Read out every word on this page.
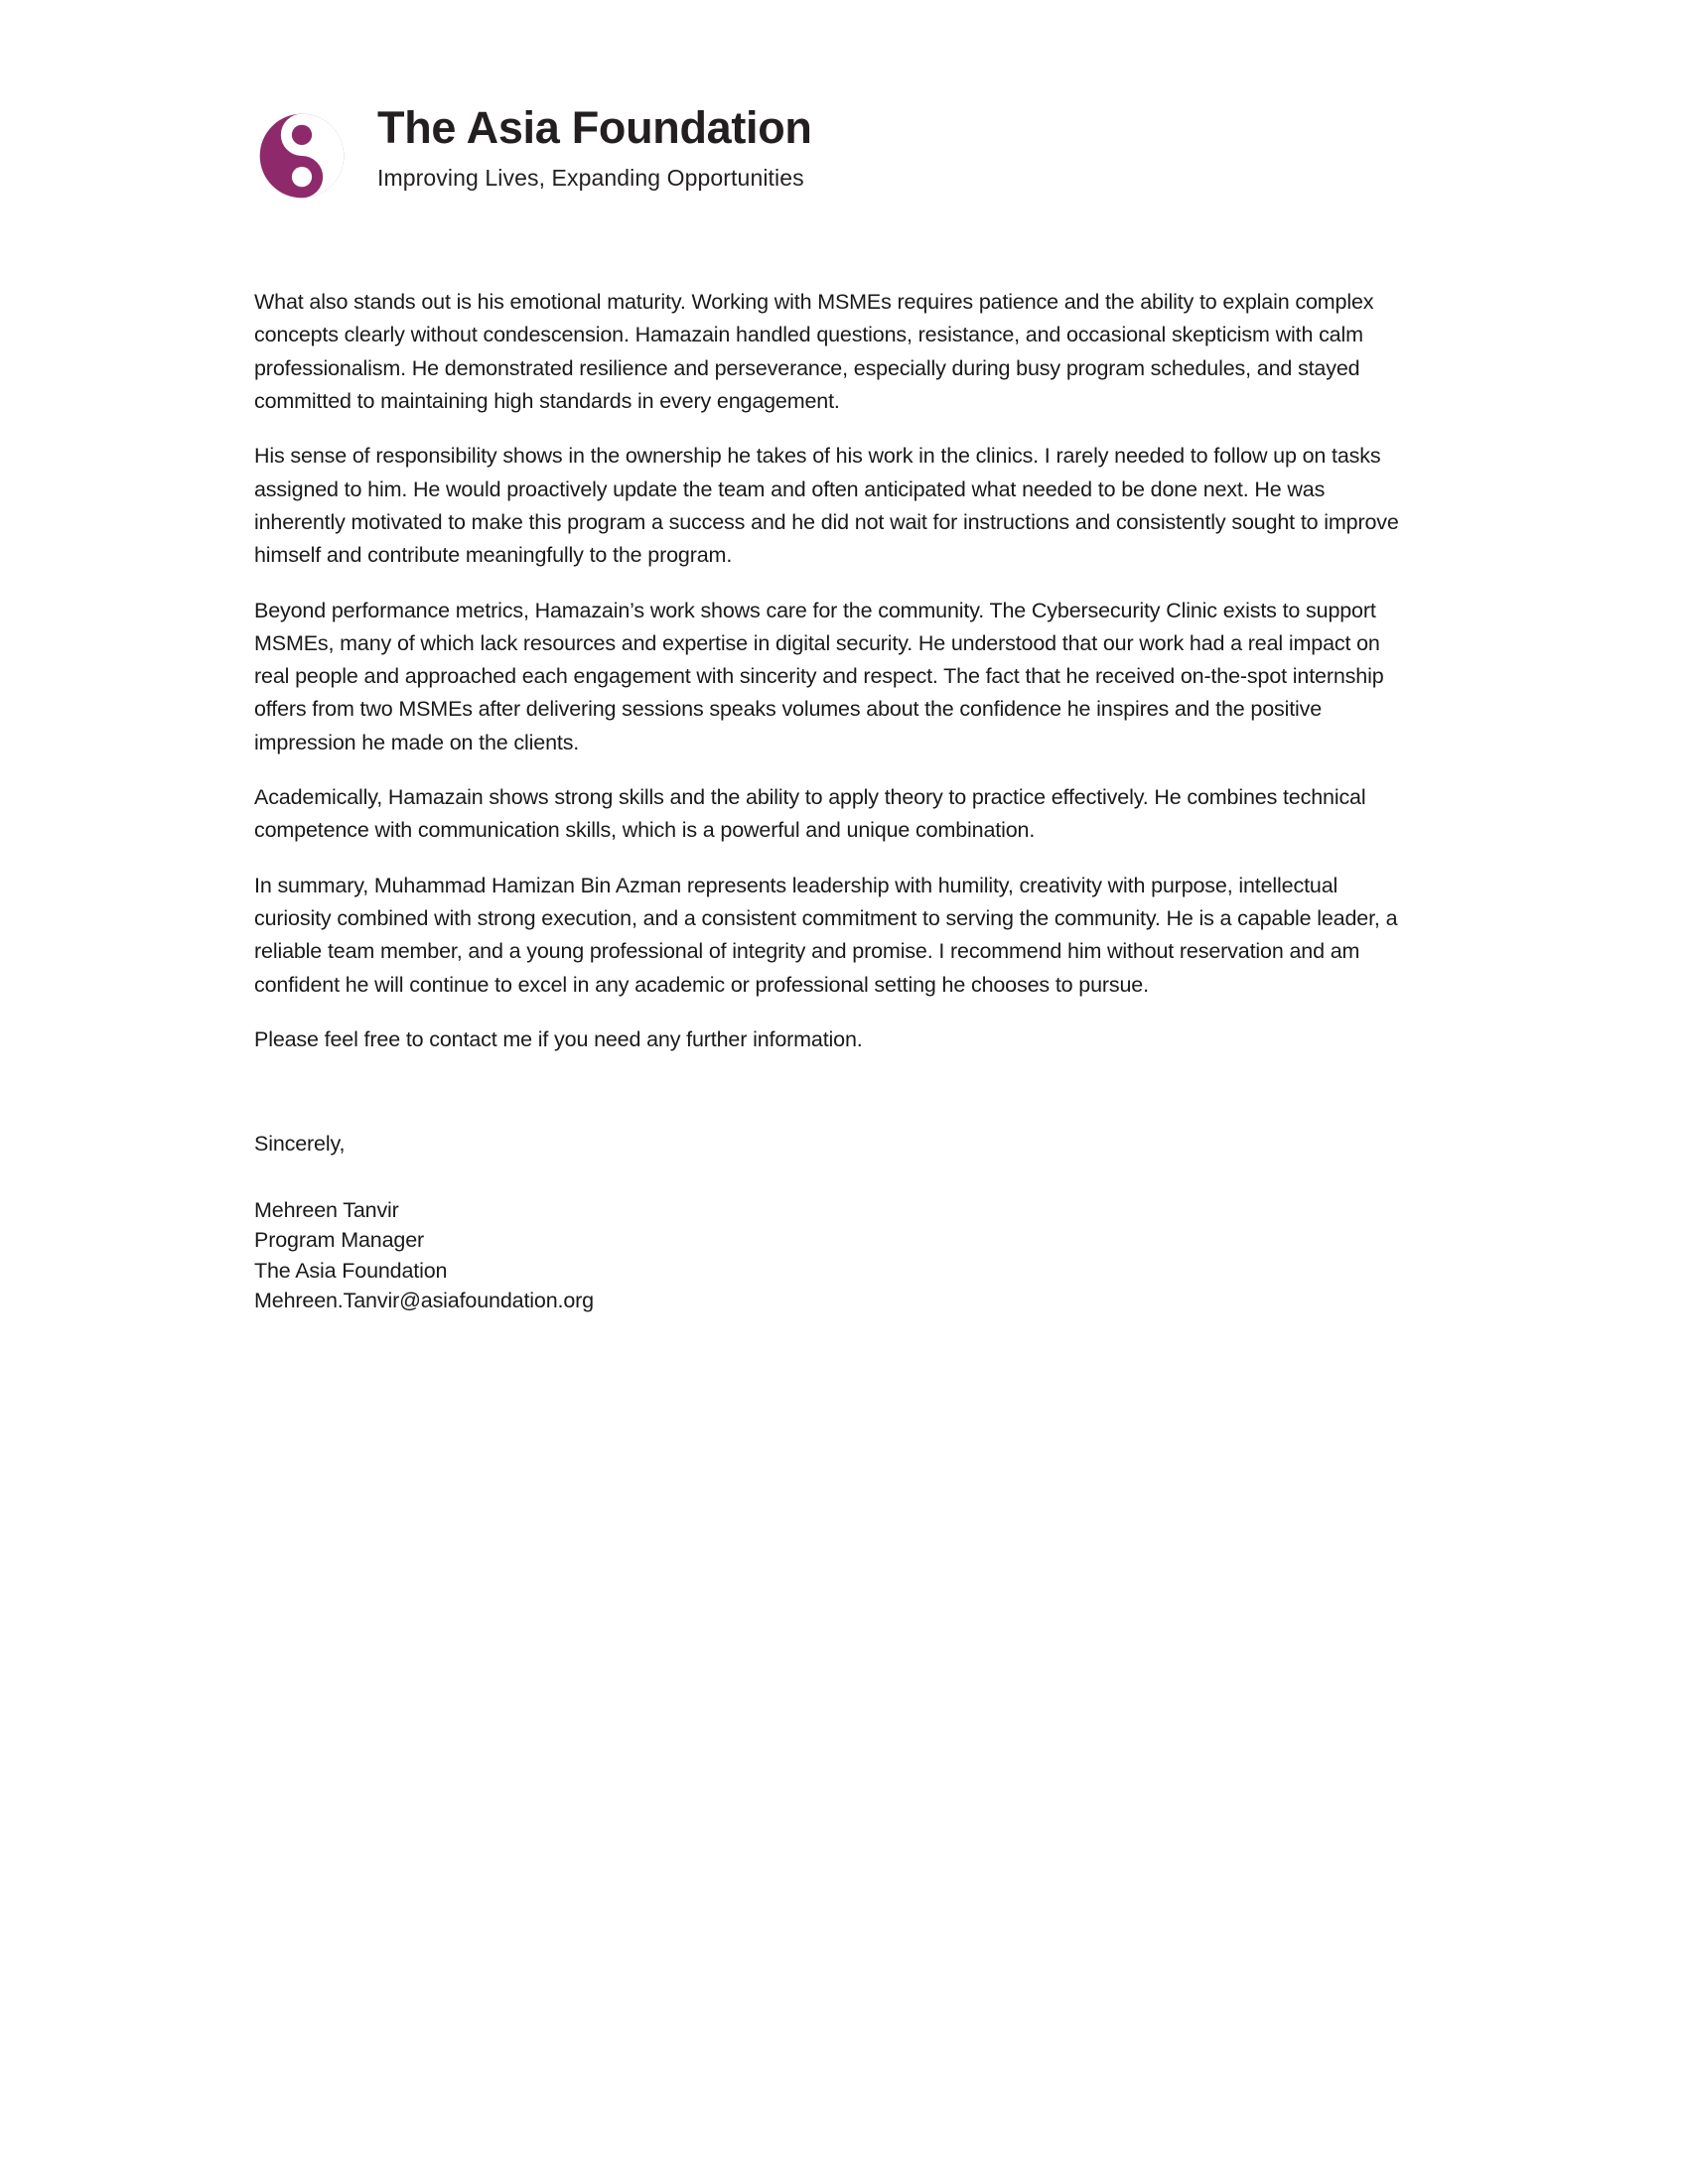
The Asia Foundation
Improving Lives, Expanding Opportunities

What also stands out is his emotional maturity. Working with MSMEs requires patience and the ability to explain complex concepts clearly without condescension. Hamazain handled questions, resistance, and occasional skepticism with calm professionalism. He demonstrated resilience and perseverance, especially during busy program schedules, and stayed committed to maintaining high standards in every engagement.

His sense of responsibility shows in the ownership he takes of his work in the clinics. I rarely needed to follow up on tasks assigned to him. He would proactively update the team and often anticipated what needed to be done next. He was inherently motivated to make this program a success and he did not wait for instructions and consistently sought to improve himself and contribute meaningfully to the program.

Beyond performance metrics, Hamazain’s work shows care for the community. The Cybersecurity Clinic exists to support MSMEs, many of which lack resources and expertise in digital security. He understood that our work had a real impact on real people and approached each engagement with sincerity and respect. The fact that he received on-the-spot internship offers from two MSMEs after delivering sessions speaks volumes about the confidence he inspires and the positive impression he made on the clients.

Academically, Hamazain shows strong skills and the ability to apply theory to practice effectively. He combines technical competence with communication skills, which is a powerful and unique combination.

In summary, Muhammad Hamizan Bin Azman represents leadership with humility, creativity with purpose, intellectual curiosity combined with strong execution, and a consistent commitment to serving the community. He is a capable leader, a reliable team member, and a young professional of integrity and promise. I recommend him without reservation and am confident he will continue to excel in any academic or professional setting he chooses to pursue.

Please feel free to contact me if you need any further information.

Sincerely,
Mehreen Tanvir
Program Manager
The Asia Foundation
Mehreen.Tanvir@asiafoundation.org
